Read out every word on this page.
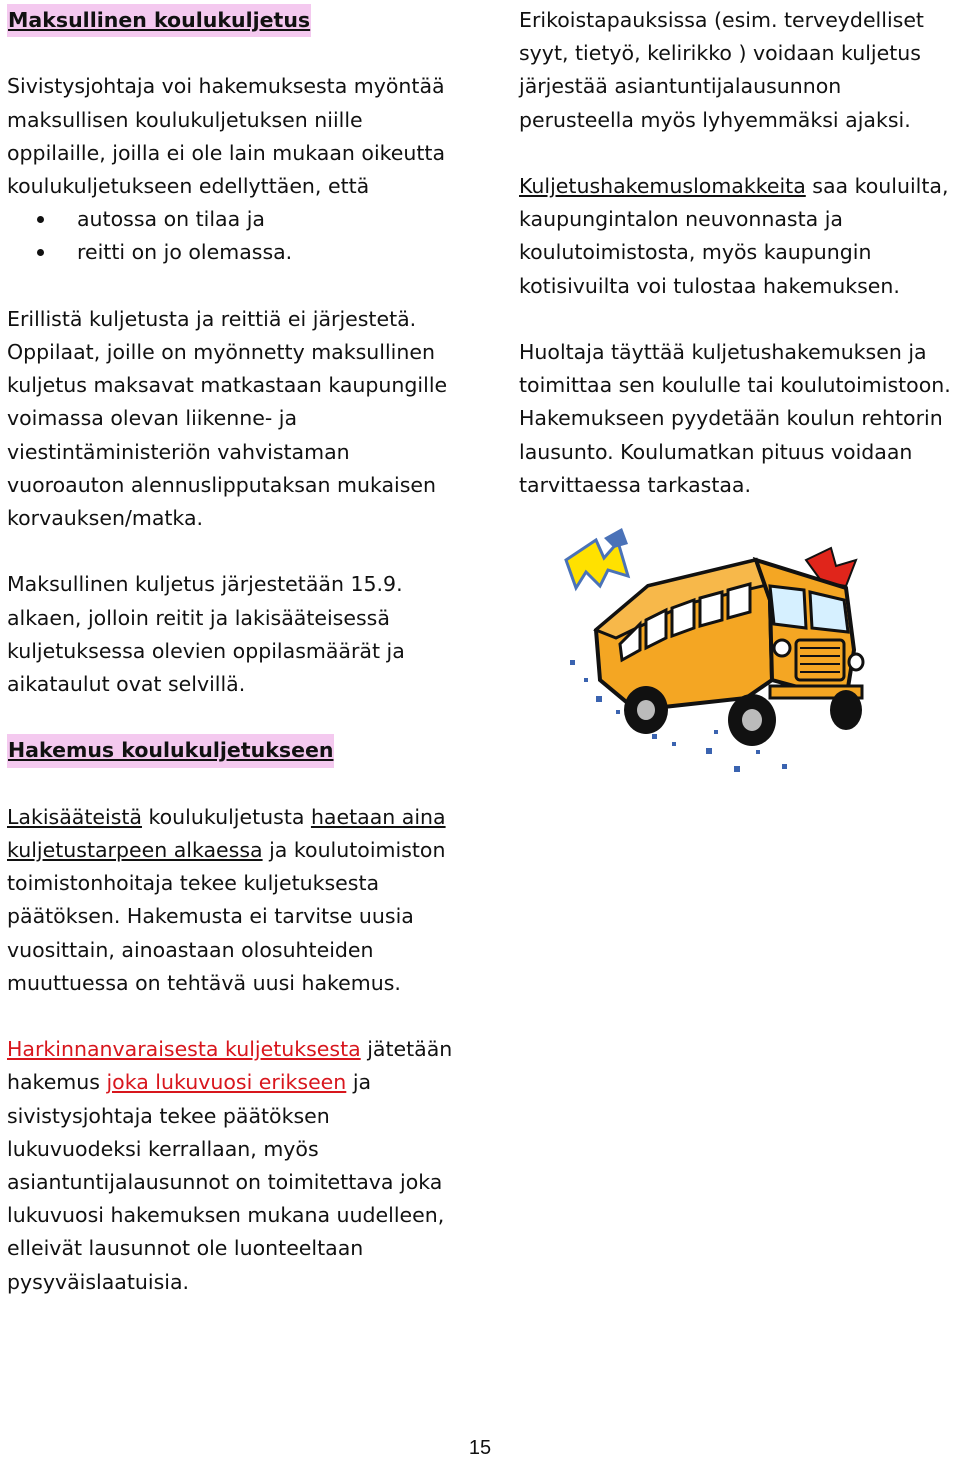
Maksullinen koulukuljetus

Sivistysjohtaja voi hakemuksesta myöntää maksullisen koulukuljetuksen niille oppilaille, joilla ei ole lain mukaan oikeutta koulukuljetukseen edellyttäen, että

autossa on tilaa ja
reitti on jo olemassa.

Erillistä kuljetusta ja reittiä ei järjestetä. Oppilaat, joille on myönnetty maksullinen kuljetus maksavat matkastaan kaupungille voimassa olevan liikenne- ja viestintäministeriön vahvistaman vuoroauton alennuslipputaksan mukaisen korvauksen/matka.

Maksullinen kuljetus järjestetään 15.9. alkaen, jolloin reitit ja lakisääteisessä kuljetuksessa olevien oppilasmäärät ja aikataulut ovat selvillä.

Hakemus koulukuljetukseen

Lakisääteistä koulukuljetusta haetaan aina kuljetustarpeen alkaessa ja koulutoimiston toimistonhoitaja tekee kuljetuksesta päätöksen. Hakemusta ei tarvitse uusia vuosittain, ainoastaan olosuhteiden muuttuessa on tehtävä uusi hakemus.

Harkinnanvaraisesta kuljetuksesta jätetään hakemus joka lukuvuosi erikseen ja sivistysjohtaja tekee päätöksen lukuvuodeksi kerrallaan, myös asiantuntijalausunnot on toimitettava joka lukuvuosi hakemuksen mukana uudelleen, elleivät lausunnot ole luonteeltaan pysyväislaatuisia.

Erikoistapauksissa (esim. terveydelliset syyt, tietyö, kelirikko ) voidaan kuljetus järjestää asiantuntijalausunnon perusteella myös lyhyemmäksi ajaksi.

Kuljetushakemuslomakkeita saa kouluilta, kaupungintalon neuvonnasta ja koulutoimistosta, myös kaupungin kotisivuilta voi tulostaa hakemuksen.

Huoltaja täyttää kuljetushakemuksen ja toimittaa sen koululle tai koulutoimistoon. Hakemukseen pyydetään koulun rehtorin lausunto. Koulumatkan pituus voidaan tarvittaessa tarkastaa.

15
